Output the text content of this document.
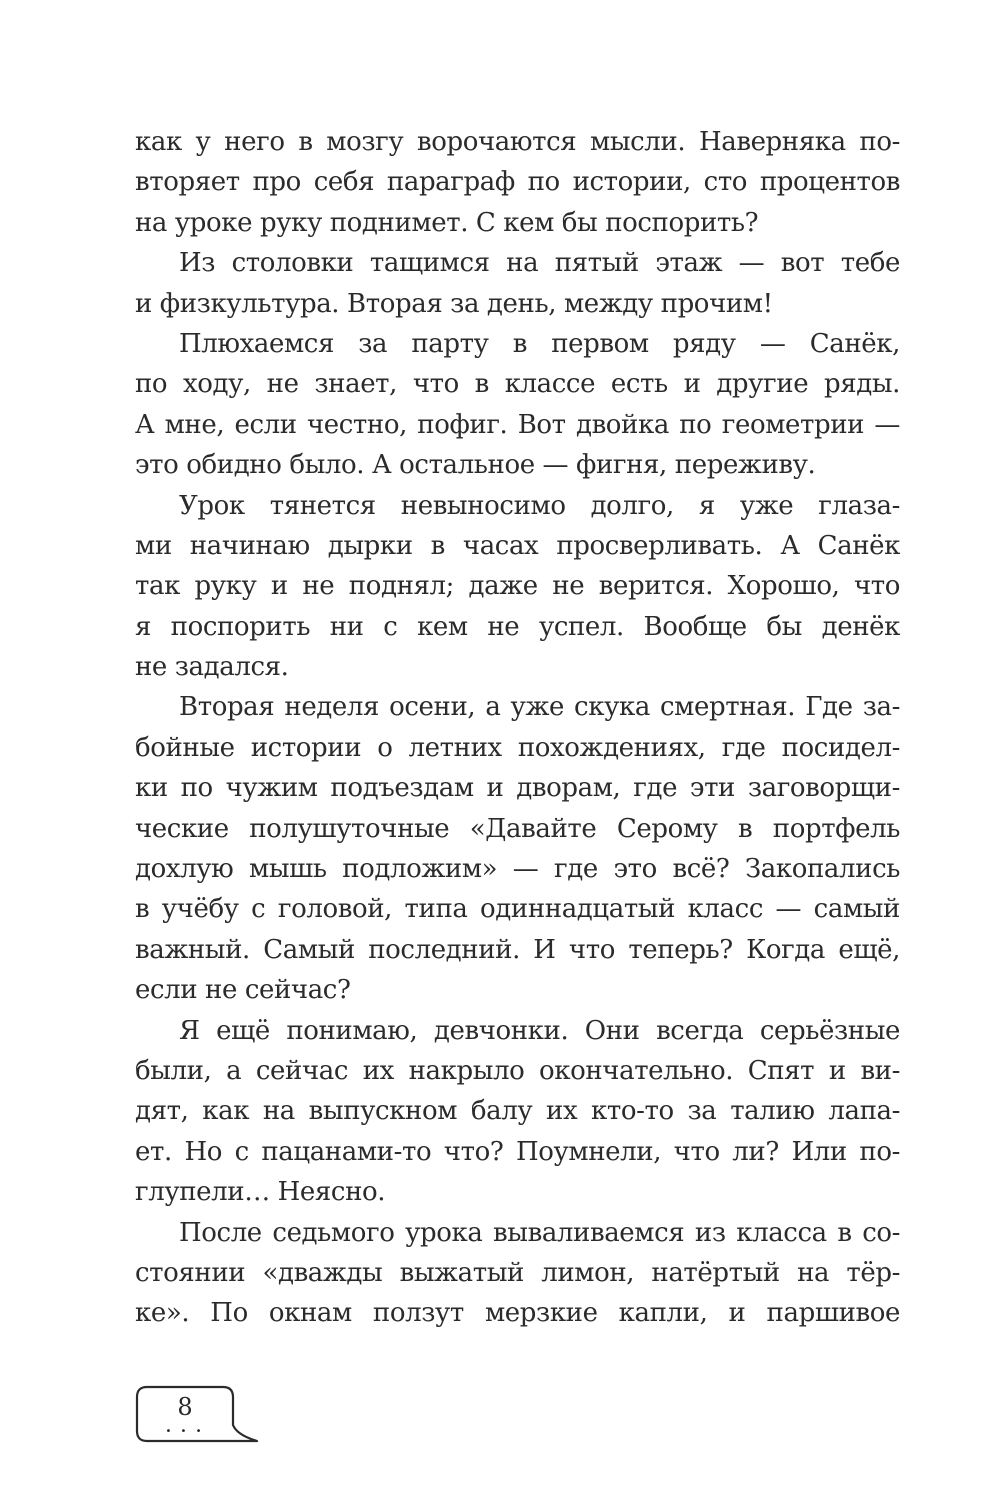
как у него в мозгу ворочаются мысли. Наверняка по-
вторяет про себя параграф по истории, сто процентов
на уроке руку поднимет. С кем бы поспорить?
Из столовки тащимся на пятый этаж — вот тебе
и физкультура. Вторая за день, между прочим!
Плюхаемся за парту в первом ряду — Санёк,
по ходу, не знает, что в классе есть и другие ряды.
А мне, если честно, пофиг. Вот двойка по геометрии —
это обидно было. А остальное — фигня, переживу.
Урок тянется невыносимо долго, я уже глаза-
ми начинаю дырки в часах просверливать. А Санёк
так руку и не поднял; даже не верится. Хорошо, что
я поспорить ни с кем не успел. Вообще бы денёк
не задался.
Вторая неделя осени, а уже скука смертная. Где за-
бойные истории о летних похождениях, где посидел-
ки по чужим подъездам и дворам, где эти заговорщи-
ческие полушуточные «Давайте Серому в портфель
дохлую мышь подложим» — где это всё? Закопались
в учёбу с головой, типа одиннадцатый класс — самый
важный. Самый последний. И что теперь? Когда ещё,
если не сейчас?
Я ещё понимаю, девчонки. Они всегда серьёзные
были, а сейчас их накрыло окончательно. Спят и ви-
дят, как на выпускном балу их кто-то за талию лапа-
ет. Но с пацанами-то что? Поумнели, что ли? Или по-
глупели… Неясно.
После седьмого урока вываливаемся из класса в со-
стоянии «дважды выжатый лимон, натёртый на тёр-
ке». По окнам ползут мерзкие капли, и паршивое
• • •
8
